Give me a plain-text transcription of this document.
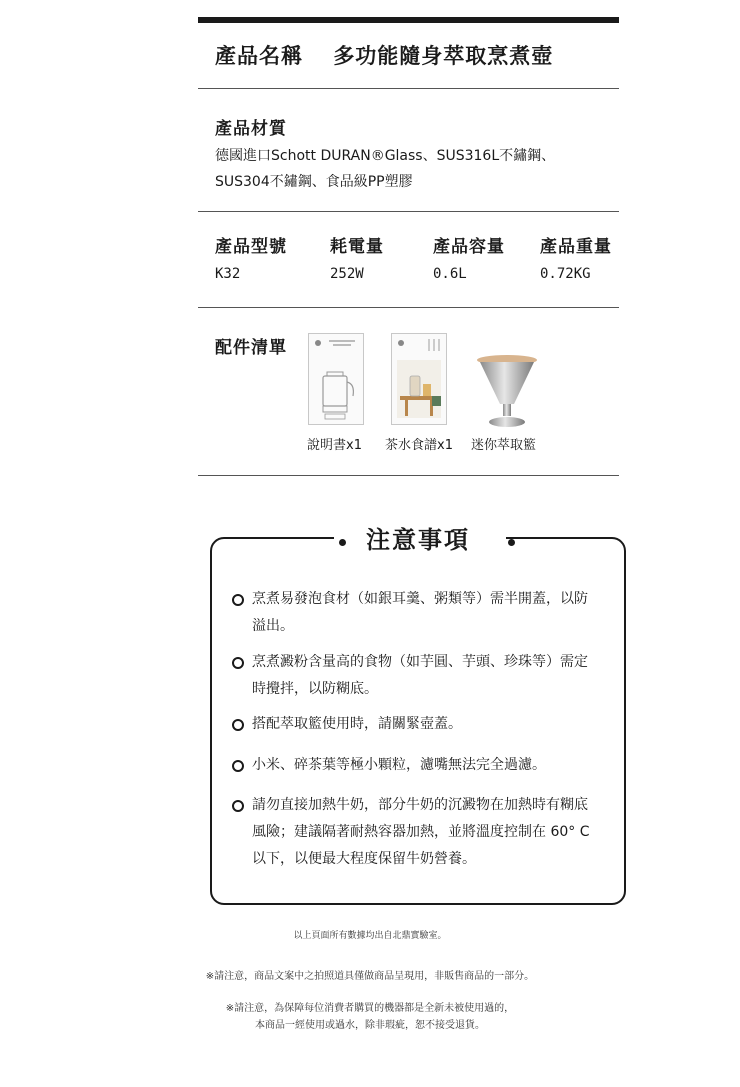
產品名稱 多功能隨身萃取烹煮壺
產品材質
德國進口Schott DURAN®Glass、SUS316L不鏽鋼、
SUS304不鏽鋼、食品級PP塑膠
產品型號
K32
耗電量
252W
產品容量
0.6L
產品重量
0.72KG
配件清單
說明書x1 茶水食譜x1 迷你萃取籃
注意事項
烹煮易發泡食材（如銀耳羹、粥類等）需半開蓋，以防
溢出。
烹煮澱粉含量高的食物（如芋圓、芋頭、珍珠等）需定
時攪拌，以防糊底。
搭配萃取籃使用時，請關緊壺蓋。
小米、碎茶葉等極小顆粒，濾嘴無法完全過濾。
請勿直接加熱牛奶，部分牛奶的沉澱物在加熱時有糊底
風險；建議隔著耐熱容器加熱，並將溫度控制在 60° C
以下，以便最大程度保留牛奶營養。
以上頁面所有數據均出自北鼎實驗室。
※請注意，商品文案中之拍照道具僅做商品呈現用，非販售商品的一部分。
※請注意，為保障每位消費者購買的機器都是全新未被使用過的，
本商品一經使用或過水，除非瑕疵，恕不接受退貨。
